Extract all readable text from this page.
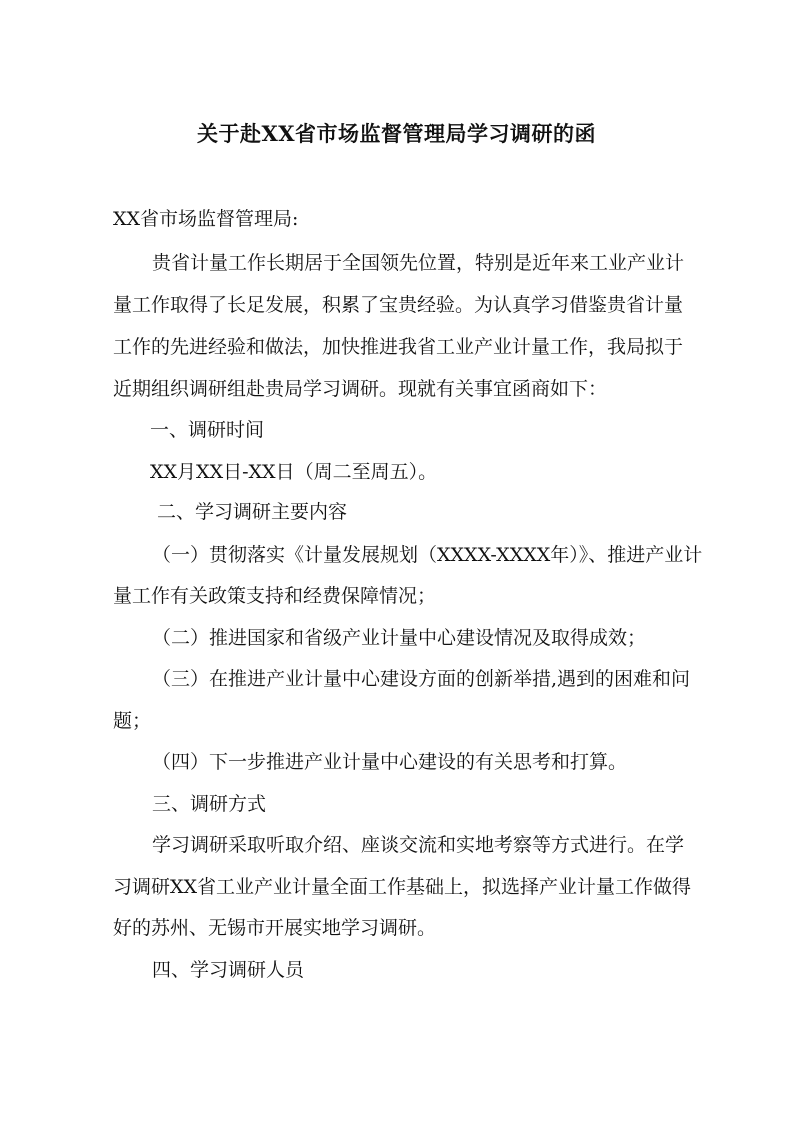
关于赴XX省市场监督管理局学习调研的函
XX省市场监督管理局:
贵省计量工作长期居于全国领先位置，特别是近年来工业产业计
量工作取得了长足发展，积累了宝贵经验。为认真学习借鉴贵省计量
工作的先进经验和做法，加快推进我省工业产业计量工作，我局拟于
近期组织调研组赴贵局学习调研。现就有关事宜函商如下：
一、调研时间
XX月XX日-XX日（周二至周五）。
二、学习调研主要内容
（一）贯彻落实《计量发展规划（XXXX-XXXX年）》、推进产业计
量工作有关政策支持和经费保障情况；
（二）推进国家和省级产业计量中心建设情况及取得成效；
（三）在推进产业计量中心建设方面的创新举措,遇到的困难和问
题；
（四）下一步推进产业计量中心建设的有关思考和打算。
三、调研方式
学习调研采取听取介绍、座谈交流和实地考察等方式进行。在学
习调研XX省工业产业计量全面工作基础上，拟选择产业计量工作做得
好的苏州、无锡市开展实地学习调研。
四、学习调研人员
